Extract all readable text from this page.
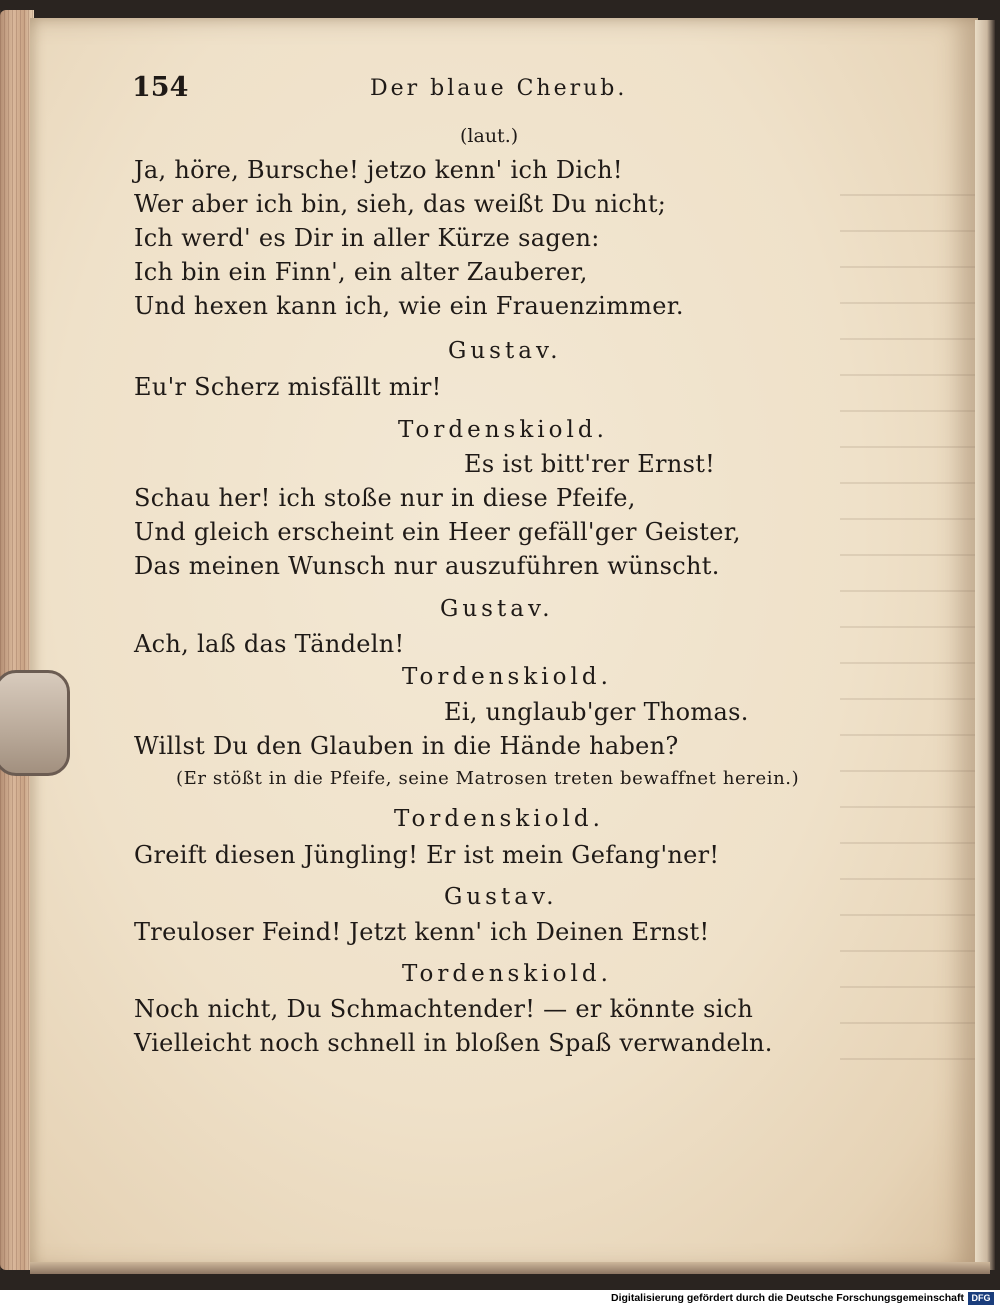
154	Der blaue Cherub.
(laut.)
Ja, höre, Bursche! jetzo kenn' ich Dich!
Wer aber ich bin, sieh, das weißt Du nicht;
Ich werd' es Dir in aller Kürze sagen:
Ich bin ein Finn', ein alter Zauberer,
Und hexen kann ich, wie ein Frauenzimmer.
Gustav.
Eu'r Scherz misfällt mir!
Tordenskiold.
Es ist bitt'rer Ernst!
Schau her! ich stoße nur in diese Pfeife,
Und gleich erscheint ein Heer gefäll'ger Geister,
Das meinen Wunsch nur auszuführen wünscht.
Gustav.
Ach, laß das Tändeln!
Tordenskiold.
Ei, unglaub'ger Thomas.
Willst Du den Glauben in die Hände haben?
(Er stößt in die Pfeife, seine Matrosen treten bewaffnet herein.)
Tordenskiold.
Greift diesen Jüngling! Er ist mein Gefang'ner!
Gustav.
Treuloser Feind! Jetzt kenn' ich Deinen Ernst!
Tordenskiold.
Noch nicht, Du Schmachtender! — er könnte sich
Vielleicht noch schnell in bloßen Spaß verwandeln.
Digitalisierung gefördert durch die Deutsche Forschungsgemeinschaft DFG
